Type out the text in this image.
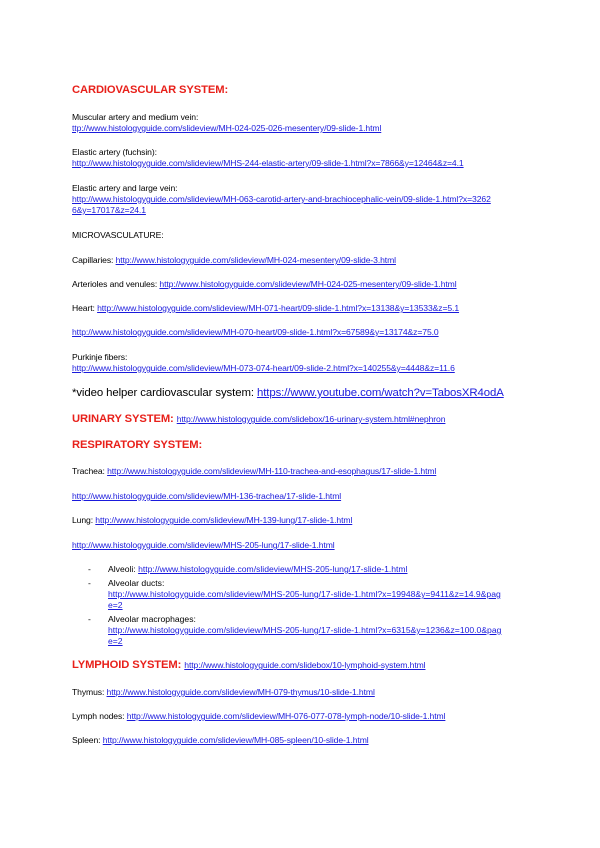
CARDIOVASCULAR SYSTEM:
Muscular artery and medium vein:
ttp://www.histologyguide.com/slideview/MH-024-025-026-mesentery/09-slide-1.html
Elastic artery (fuchsin):
http://www.histologyguide.com/slideview/MHS-244-elastic-artery/09-slide-1.html?x=7866&y=12464&z=4.1
Elastic artery and large vein:
http://www.histologyguide.com/slideview/MH-063-carotid-artery-and-brachiocephalic-vein/09-slide-1.html?x=3262
6&y=17017&z=24.1
MICROVASCULATURE:
Capillaries: http://www.histologyguide.com/slideview/MH-024-mesentery/09-slide-3.html
Arterioles and venules: http://www.histologyguide.com/slideview/MH-024-025-mesentery/09-slide-1.html
Heart: http://www.histologyguide.com/slideview/MH-071-heart/09-slide-1.html?x=13138&y=13533&z=5.1
http://www.histologyguide.com/slideview/MH-070-heart/09-slide-1.html?x=67589&y=13174&z=75.0
Purkinje fibers:
http://www.histologyguide.com/slideview/MH-073-074-heart/09-slide-2.html?x=140255&y=4448&z=11.6
*video helper cardiovascular system: https://www.youtube.com/watch?v=TabosXR4odA
URINARY SYSTEM: http://www.histologyguide.com/slidebox/16-urinary-system.html#nephron
RESPIRATORY SYSTEM:
Trachea: http://www.histologyguide.com/slideview/MH-110-trachea-and-esophagus/17-slide-1.html
http://www.histologyguide.com/slideview/MH-136-trachea/17-slide-1.html
Lung: http://www.histologyguide.com/slideview/MH-139-lung/17-slide-1.html
http://www.histologyguide.com/slideview/MHS-205-lung/17-slide-1.html
- Alveoli: http://www.histologyguide.com/slideview/MHS-205-lung/17-slide-1.html
- Alveolar ducts:
http://www.histologyguide.com/slideview/MHS-205-lung/17-slide-1.html?x=19948&y=9411&z=14.9&pag
e=2
- Alveolar macrophages:
http://www.histologyguide.com/slideview/MHS-205-lung/17-slide-1.html?x=6315&y=1236&z=100.0&pag
e=2
LYMPHOID SYSTEM: http://www.histologyguide.com/slidebox/10-lymphoid-system.html
Thymus: http://www.histologyguide.com/slideview/MH-079-thymus/10-slide-1.html
Lymph nodes: http://www.histologyguide.com/slideview/MH-076-077-078-lymph-node/10-slide-1.html
Spleen: http://www.histologyguide.com/slideview/MH-085-spleen/10-slide-1.html
